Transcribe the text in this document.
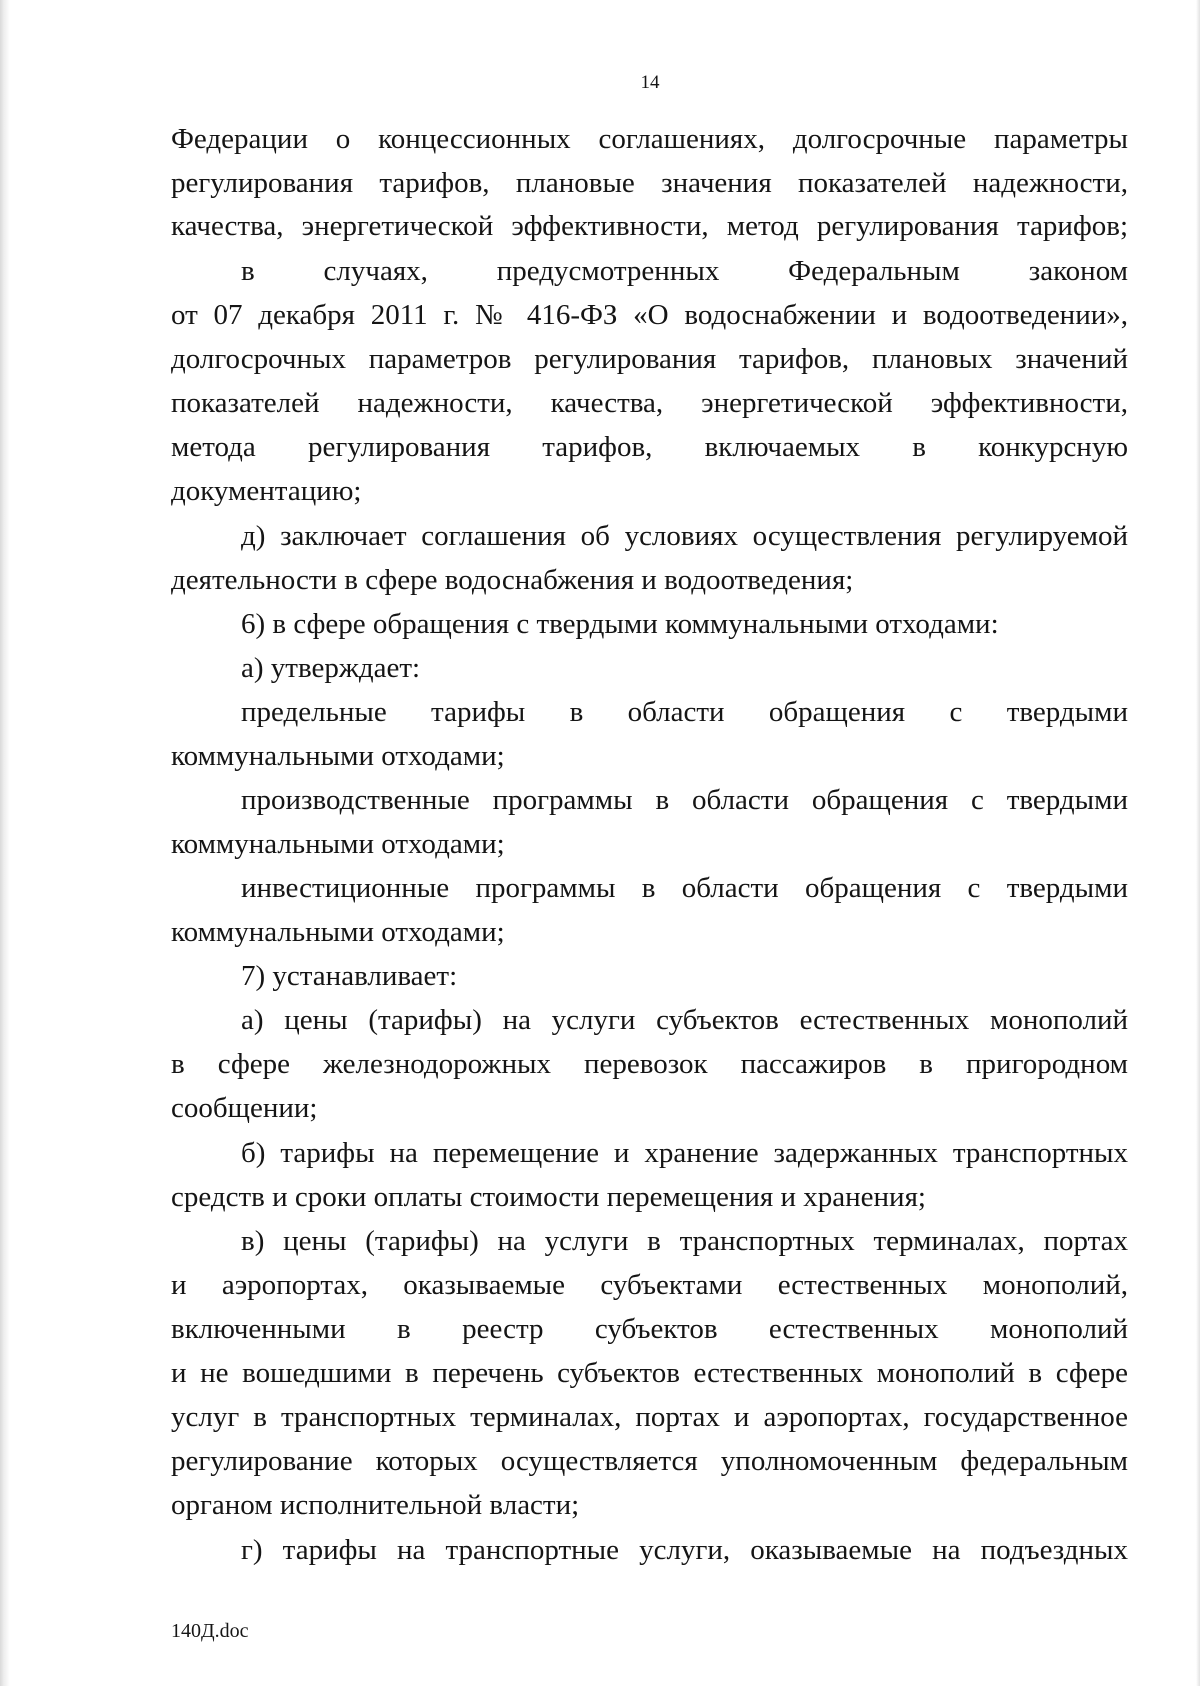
14
Федерации о концессионных соглашениях, долгосрочные параметры
регулирования тарифов, плановые значения показателей надежности,
качества, энергетической эффективности, метод регулирования тарифов;
в случаях, предусмотренных Федеральным законом
от 07 декабря 2011 г. № 416-ФЗ «О водоснабжении и водоотведении»,
долгосрочных параметров регулирования тарифов, плановых значений
показателей надежности, качества, энергетической эффективности,
метода регулирования тарифов, включаемых в конкурсную
документацию;
д) заключает соглашения об условиях осуществления регулируемой
деятельности в сфере водоснабжения и водоотведения;
6) в сфере обращения с твердыми коммунальными отходами:
а) утверждает:
предельные тарифы в области обращения с твердыми
коммунальными отходами;
производственные программы в области обращения с твердыми
коммунальными отходами;
инвестиционные программы в области обращения с твердыми
коммунальными отходами;
7) устанавливает:
а) цены (тарифы) на услуги субъектов естественных монополий
в сфере железнодорожных перевозок пассажиров в пригородном
сообщении;
б) тарифы на перемещение и хранение задержанных транспортных
средств и сроки оплаты стоимости перемещения и хранения;
в) цены (тарифы) на услуги в транспортных терминалах, портах
и аэропортах, оказываемые субъектами естественных монополий,
включенными в реестр субъектов естественных монополий
и не вошедшими в перечень субъектов естественных монополий в сфере
услуг в транспортных терминалах, портах и аэропортах, государственное
регулирование которых осуществляется уполномоченным федеральным
органом исполнительной власти;
г) тарифы на транспортные услуги, оказываемые на подъездных
140Д.doc
